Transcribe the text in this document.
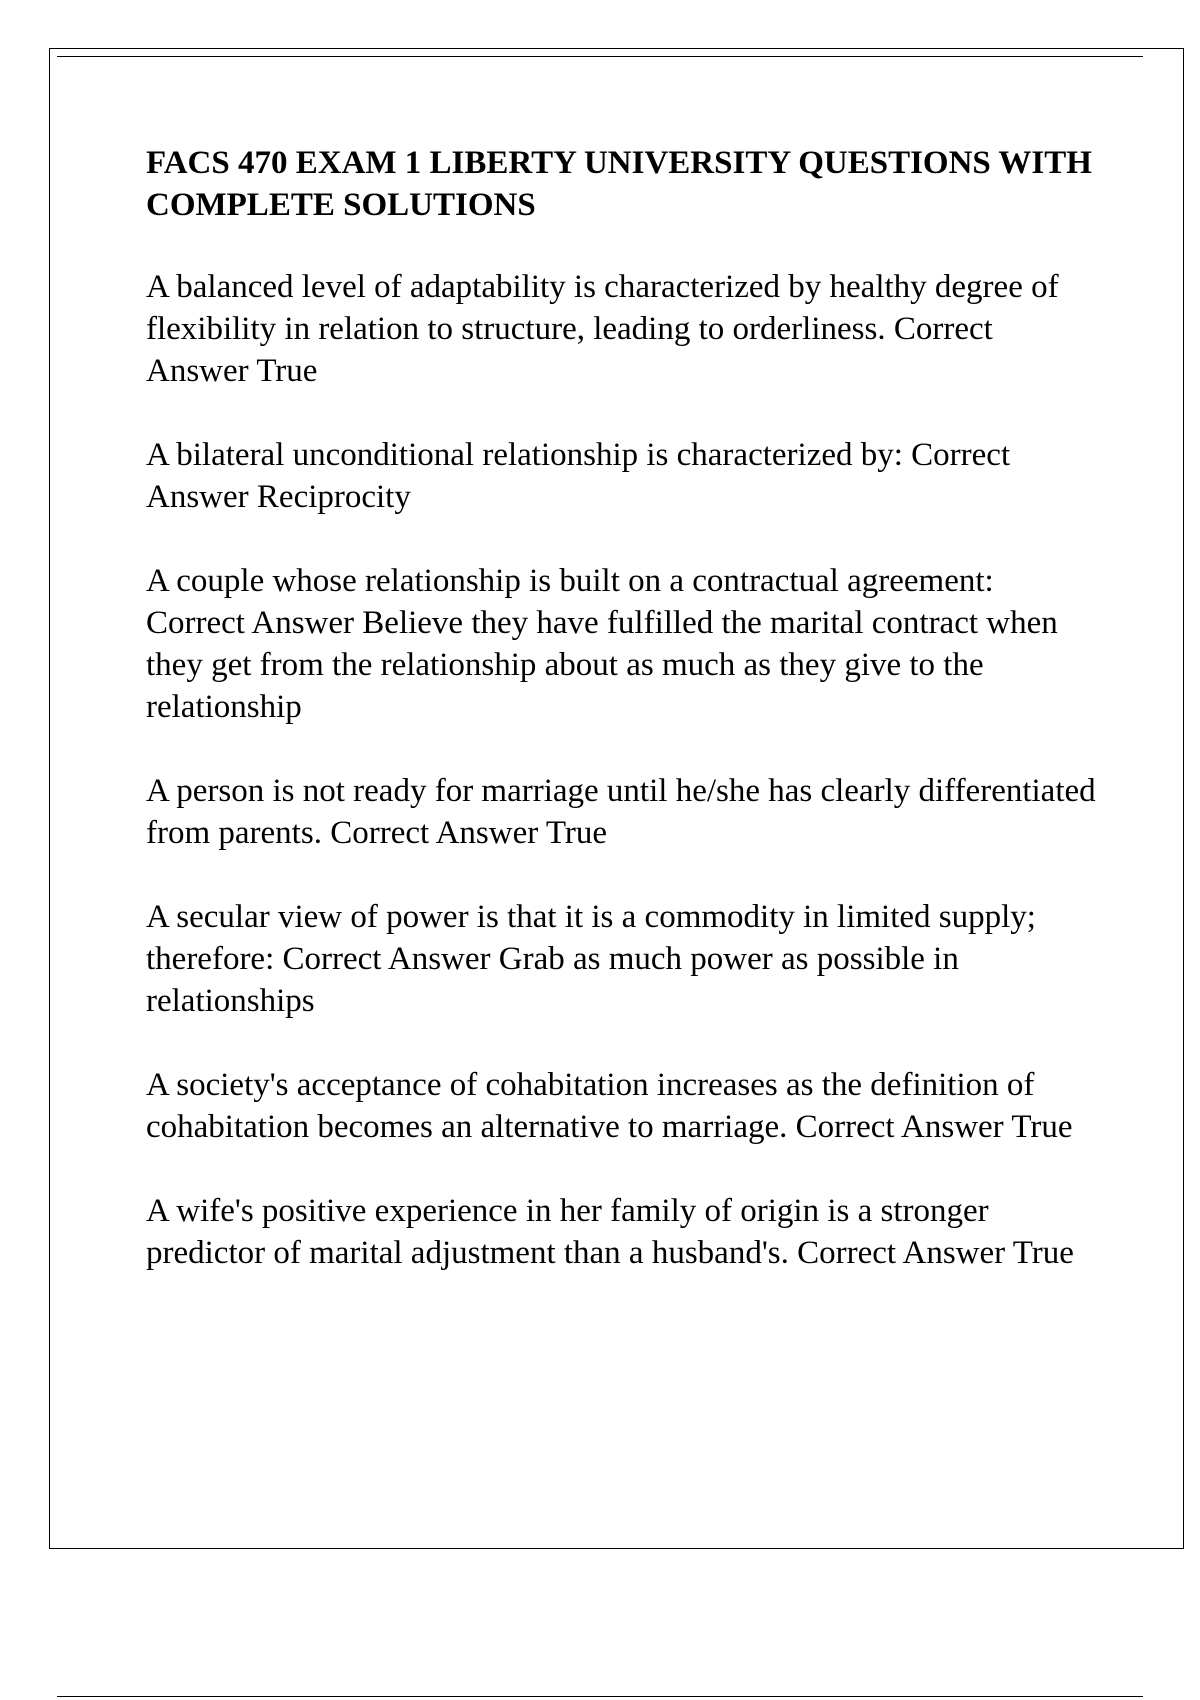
FACS 470 EXAM 1 LIBERTY UNIVERSITY QUESTIONS WITH COMPLETE SOLUTIONS

A balanced level of adaptability is characterized by healthy degree of flexibility in relation to structure, leading to orderliness. Correct Answer True

A bilateral unconditional relationship is characterized by: Correct Answer Reciprocity

A couple whose relationship is built on a contractual agreement: Correct Answer Believe they have fulfilled the marital contract when they get from the relationship about as much as they give to the relationship

A person is not ready for marriage until he/she has clearly differentiated from parents. Correct Answer True

A secular view of power is that it is a commodity in limited supply; therefore: Correct Answer Grab as much power as possible in relationships

A society's acceptance of cohabitation increases as the definition of cohabitation becomes an alternative to marriage. Correct Answer True

A wife's positive experience in her family of origin is a stronger predictor of marital adjustment than a husband's. Correct Answer True
